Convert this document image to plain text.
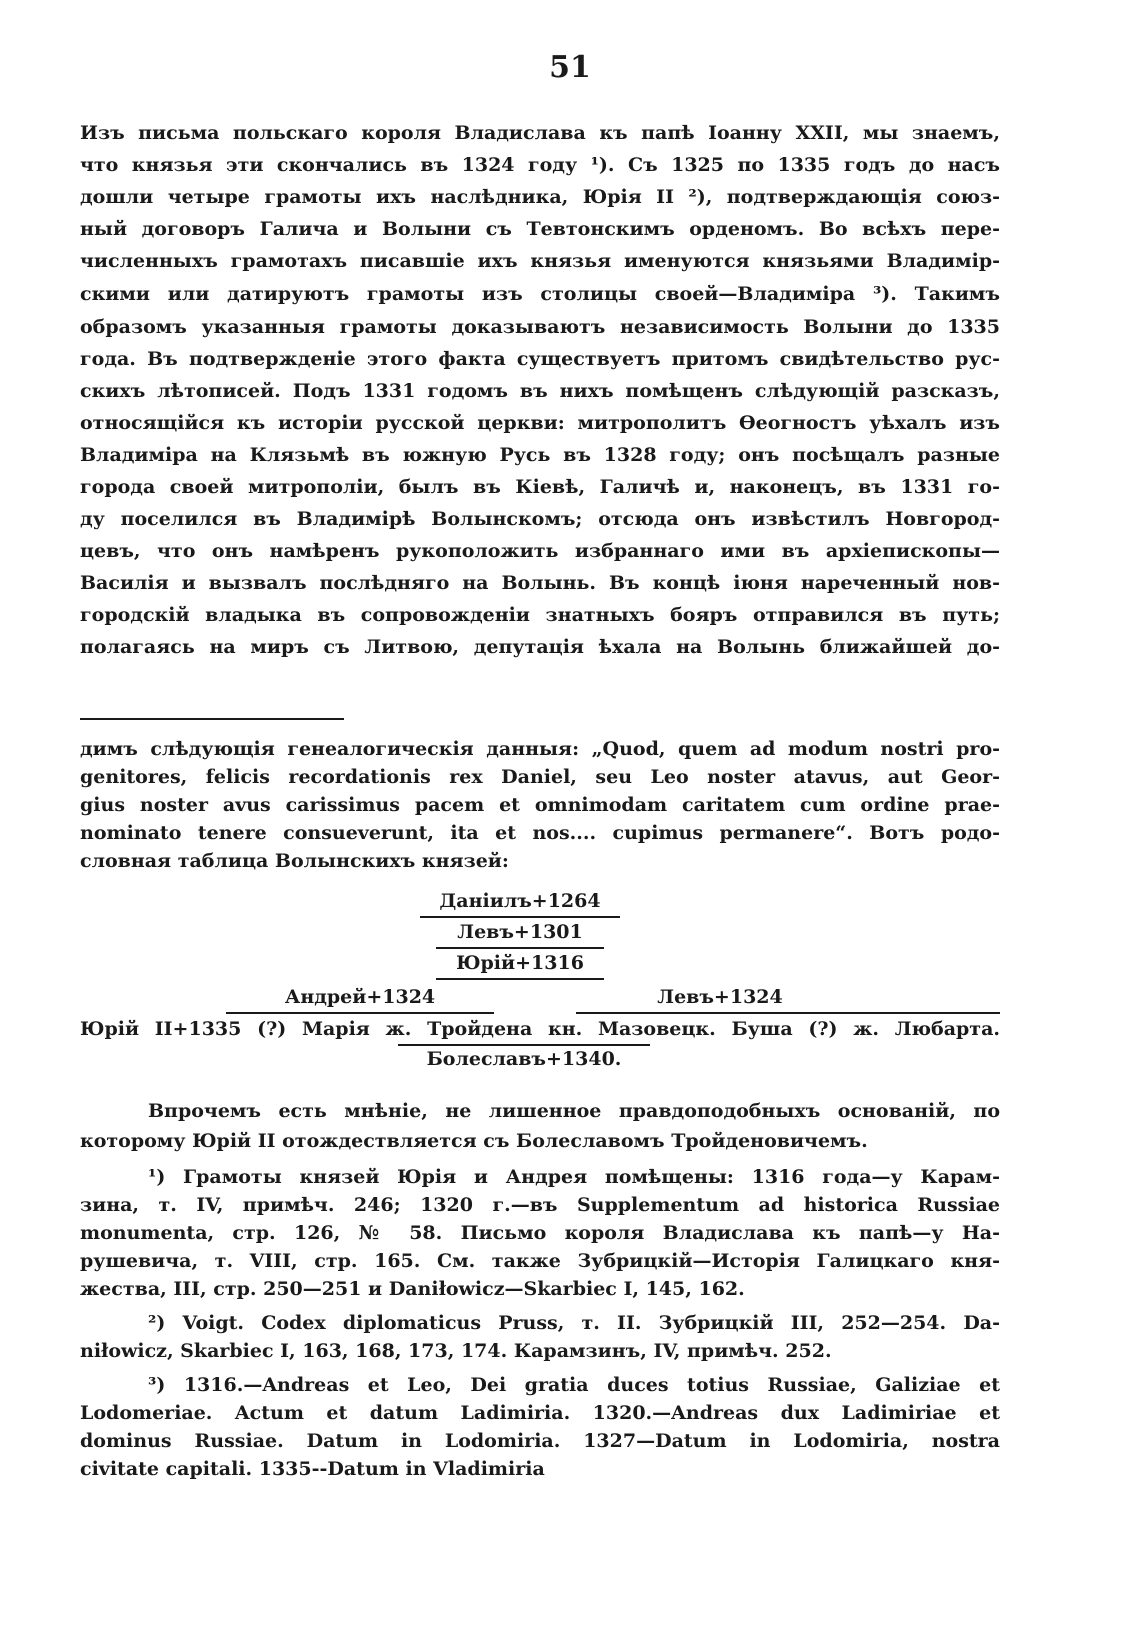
51
Изъ письма польскаго короля Владислава къ папѣ Іоанну XXII, мы знаемъ,
что князья эти скончались въ 1324 году ¹). Съ 1325 по 1335 годъ до насъ
дошли четыре грамоты ихъ наслѣдника, Юрія II ²), подтверждающія союз-
ный договоръ Галича и Волыни съ Тевтонскимъ орденомъ. Во всѣхъ пере-
численныхъ грамотахъ писавшіе ихъ князья именуются князьями Владимір-
скими или датируютъ грамоты изъ столицы своей—Владиміра ³). Такимъ
образомъ указанныя грамоты доказываютъ независимость Волыни до 1335
года. Въ подтвержденіе этого факта существуетъ притомъ свидѣтельство рус-
скихъ лѣтописей. Подъ 1331 годомъ въ нихъ помѣщенъ слѣдующій разсказъ,
относящійся къ исторіи русской церкви: митрополитъ Ѳеогностъ уѣхалъ изъ
Владиміра на Клязьмѣ въ южную Русь въ 1328 году; онъ посѣщалъ разные
города своей митрополіи, былъ въ Кіевѣ, Галичѣ и, наконецъ, въ 1331 го-
ду поселился въ Владимірѣ Волынскомъ; отсюда онъ извѣстилъ Новгород-
цевъ, что онъ намѣренъ рукоположить избраннаго ими въ архіепископы—
Василія и вызвалъ послѣдняго на Волынь. Въ концѣ іюня нареченный нов-
городскій владыка въ сопровожденіи знатныхъ бояръ отправился въ путь;
полагаясь на миръ съ Литвою, депутація ѣхала на Волынь ближайшей до-
димъ слѣдующія генеалогическія данныя: „Quod, quem ad modum nostri pro-
genitores, felicis recordationis rex Daniel, seu Leo noster atavus, aut Geor-
gius noster avus carissimus pacem et omnimodam caritatem cum ordine prae-
nominato tenere consueverunt, ita et nos.... cupimus permanere“. Вотъ родо-
словная таблица Волынскихъ князей:
Даніилъ+1264
Левъ+1301
Юрій+1316
Андрей+1324	Левъ+1324
Юрій II+1335 (?) Марія ж. Тройдена кн. Мазовецк. Буша (?) ж. Любарта.
Болеславъ+1340.
Впрочемъ есть мнѣніе, не лишенное правдоподобныхъ основаній, по
которому Юрій II отождествляется съ Болеславомъ Тройденовичемъ.
¹) Грамоты князей Юрія и Андрея помѣщены: 1316 года—у Карам-
зина, т. IV, примѣч. 246; 1320 г.—въ Supplementum ad historica Russiae
monumenta, стр. 126, № 58. Письмо короля Владислава къ папѣ—у На-
рушевича, т. VIII, стр. 165. См. также Зубрицкій—Исторія Галицкаго кня-
жества, III, стр. 250—251 и Daniłowicz—Skarbiec I, 145, 162.
²) Voigt. Codex diplomaticus Pruss, т. II. Зубрицкій III, 252—254. Da-
niłowicz, Skarbiec I, 163, 168, 173, 174. Карамзинъ, IV, примѣч. 252.
³) 1316.—Andreas et Leo, Dei gratia duces totius Russiae, Galiziae et
Lodomeriae. Actum et datum Ladimiria. 1320.—Andreas dux Ladimiriae et
dominus Russiae. Datum in Lodomiria. 1327—Datum in Lodomiria, nostra
civitate capitali. 1335--Datum in Vladimiria
